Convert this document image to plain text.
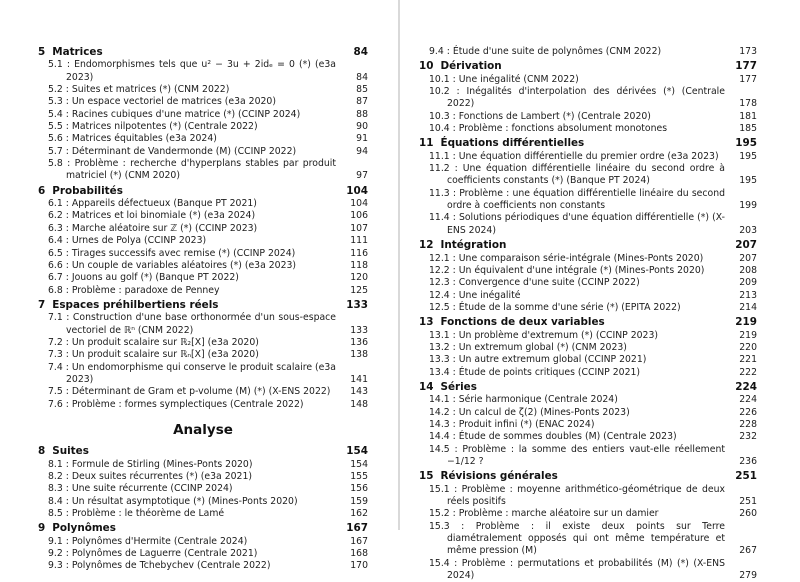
5 Matrices	84
5.1 : Endomorphismes tels que u² − 3u + 2idₑ = 0 (*) (e3a 2023)	84
5.2 : Suites et matrices (*) (CNM 2022)	85
5.3 : Un espace vectoriel de matrices (e3a 2020)	87
5.4 : Racines cubiques d'une matrice (*) (CCINP 2024)	88
5.5 : Matrices nilpotentes (*) (Centrale 2022)	90
5.6 : Matrices équitables (e3a 2024)	91
5.7 : Déterminant de Vandermonde (M) (CCINP 2022)	94
5.8 : Problème : recherche d'hyperplans stables par produit matriciel (*) (CNM 2020)	97
6 Probabilités	104
6.1 : Appareils défectueux (Banque PT 2021)	104
6.2 : Matrices et loi binomiale (*) (e3a 2024)	106
6.3 : Marche aléatoire sur ℤ (*) (CCINP 2023)	107
6.4 : Urnes de Polya (CCINP 2023)	111
6.5 : Tirages successifs avec remise (*) (CCINP 2024)	116
6.6 : Un couple de variables aléatoires (*) (e3a 2023)	118
6.7 : Jouons au golf (*) (Banque PT 2022)	120
6.8 : Problème : paradoxe de Penney	125
7 Espaces préhilbertiens réels	133
7.1 : Construction d'une base orthonormée d'un sous-espace vectoriel de ℝⁿ (CNM 2022)	133
7.2 : Un produit scalaire sur ℝ₂[X] (e3a 2020)	136
7.3 : Un produit scalaire sur ℝₙ[X] (e3a 2020)	138
7.4 : Un endomorphisme qui conserve le produit scalaire (e3a 2023)	141
7.5 : Déterminant de Gram et p-volume (M) (*) (X-ENS 2022)	143
7.6 : Problème : formes symplectiques (Centrale 2022)	148
Analyse
8 Suites	154
8.1 : Formule de Stirling (Mines-Ponts 2020)	154
8.2 : Deux suites récurrentes (*) (e3a 2021)	155
8.3 : Une suite récurrente (CCINP 2024)	156
8.4 : Un résultat asymptotique (*) (Mines-Ponts 2020)	159
8.5 : Problème : le théorème de Lamé	162
9 Polynômes	167
9.1 : Polynômes d'Hermite (Centrale 2024)	167
9.2 : Polynômes de Laguerre (Centrale 2021)	168
9.3 : Polynômes de Tchebychev (Centrale 2022)	170
9.4 : Étude d'une suite de polynômes (CNM 2022)	173
10 Dérivation	177
10.1 : Une inégalité (CNM 2022)	177
10.2 : Inégalités d'interpolation des dérivées (*) (Centrale 2022)	178
10.3 : Fonctions de Lambert (*) (Centrale 2020)	181
10.4 : Problème : fonctions absolument monotones	185
11 Équations différentielles	195
11.1 : Une équation différentielle du premier ordre (e3a 2023)	195
11.2 : Une équation différentielle linéaire du second ordre à coefficients constants (*) (Banque PT 2024)	195
11.3 : Problème : une équation différentielle linéaire du second ordre à coefficients non constants	199
11.4 : Solutions périodiques d'une équation différentielle (*) (X-ENS 2024)	203
12 Intégration	207
12.1 : Une comparaison série-intégrale (Mines-Ponts 2020)	207
12.2 : Un équivalent d'une intégrale (*) (Mines-Ponts 2020)	208
12.3 : Convergence d'une suite (CCINP 2022)	209
12.4 : Une inégalité	213
12.5 : Étude de la somme d'une série (*) (EPITA 2022)	214
13 Fonctions de deux variables	219
13.1 : Un problème d'extremum (*) (CCINP 2023)	219
13.2 : Un extremum global (*) (CNM 2023)	220
13.3 : Un autre extremum global (CCINP 2021)	221
13.4 : Étude de points critiques (CCINP 2021)	222
14 Séries	224
14.1 : Série harmonique (Centrale 2024)	224
14.2 : Un calcul de ζ(2) (Mines-Ponts 2023)	226
14.3 : Produit infini (*) (ENAC 2024)	228
14.4 : Étude de sommes doubles (M) (Centrale 2023)	232
14.5 : Problème : la somme des entiers vaut-elle réellement −1/12 ?	236
15 Révisions générales	251
15.1 : Problème : moyenne arithmético-géométrique de deux réels positifs	251
15.2 : Problème : marche aléatoire sur un damier	260
15.3 : Problème : il existe deux points sur Terre diamétralement opposés qui ont même température et même pression (M)	267
15.4 : Problème : permutations et probabilités (M) (*) (X-ENS 2024)	279
